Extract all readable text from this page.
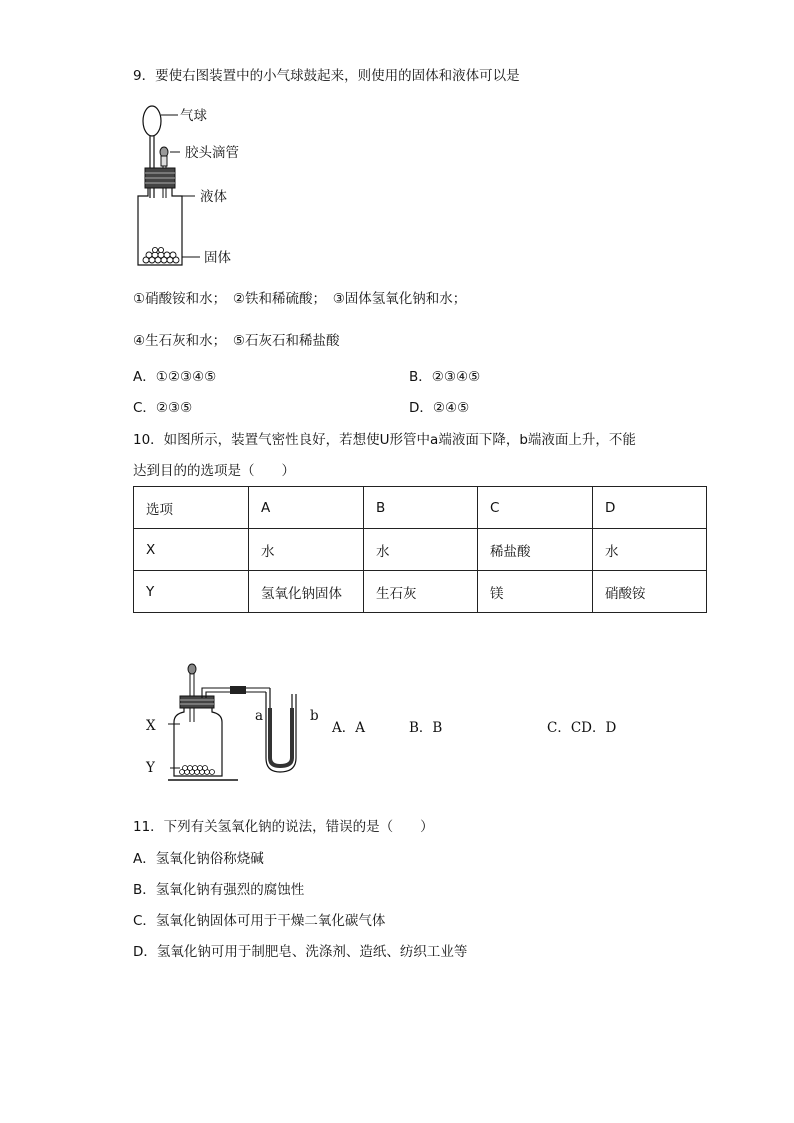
9．要使右图装置中的小气球鼓起来，则使用的固体和液体可以是
气球
胶头滴管
液体
固体
①硝酸铵和水；　②铁和稀硫酸；　③固体氢氧化钠和水；
④生石灰和水；　⑤石灰石和稀盐酸
A．①②③④⑤	B．②③④⑤
C．②③⑤	D．②④⑤
10．如图所示，装置气密性良好，若想使U形管中a端液面下降，b端液面上升，不能
达到目的的选项是（　　）
选项	A	B	C	D
X	水	水	稀盐酸	水
Y	氢氧化钠固体	生石灰	镁	硝酸铵
X
Y
a	b
A．A	B．B	C．CD．D
11．下列有关氢氧化钠的说法，错误的是（　　）
A．氢氧化钠俗称烧碱
B．氢氧化钠有强烈的腐蚀性
C．氢氧化钠固体可用于干燥二氧化碳气体
D．氢氧化钠可用于制肥皂、洗涤剂、造纸、纺织工业等
